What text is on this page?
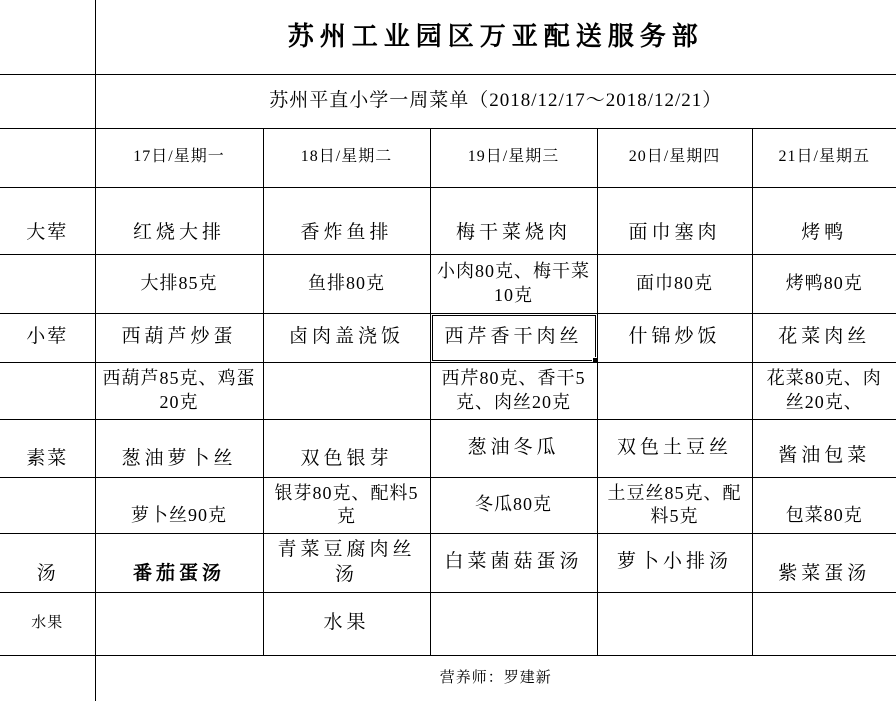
	苏州工业园区万亚配送服务部				
	苏州平直小学一周菜单（2018/12/17～2018/12/21）				
	17日/星期一	18日/星期二	19日/星期三	20日/星期四	21日/星期五
大荤	红烧大排	香炸鱼排	梅干菜烧肉	面巾塞肉	烤鸭
	大排85克	鱼排80克	小肉80克、梅干菜10克	面巾80克	烤鸭80克
小荤	西葫芦炒蛋	卤肉盖浇饭	西芹香干肉丝	什锦炒饭	花菜肉丝
	西葫芦85克、鸡蛋20克		西芹80克、香干5克、肉丝20克		花菜80克、肉丝20克、
素菜	葱油萝卜丝	双色银芽	葱油冬瓜	双色土豆丝	酱油包菜
	萝卜丝90克	银芽80克、配料5克	冬瓜80克	土豆丝85克、配料5克	包菜80克
汤	番茄蛋汤	青菜豆腐肉丝汤	白菜菌菇蛋汤	萝卜小排汤	紫菜蛋汤
水果		水果			
	营养师：罗建新				
